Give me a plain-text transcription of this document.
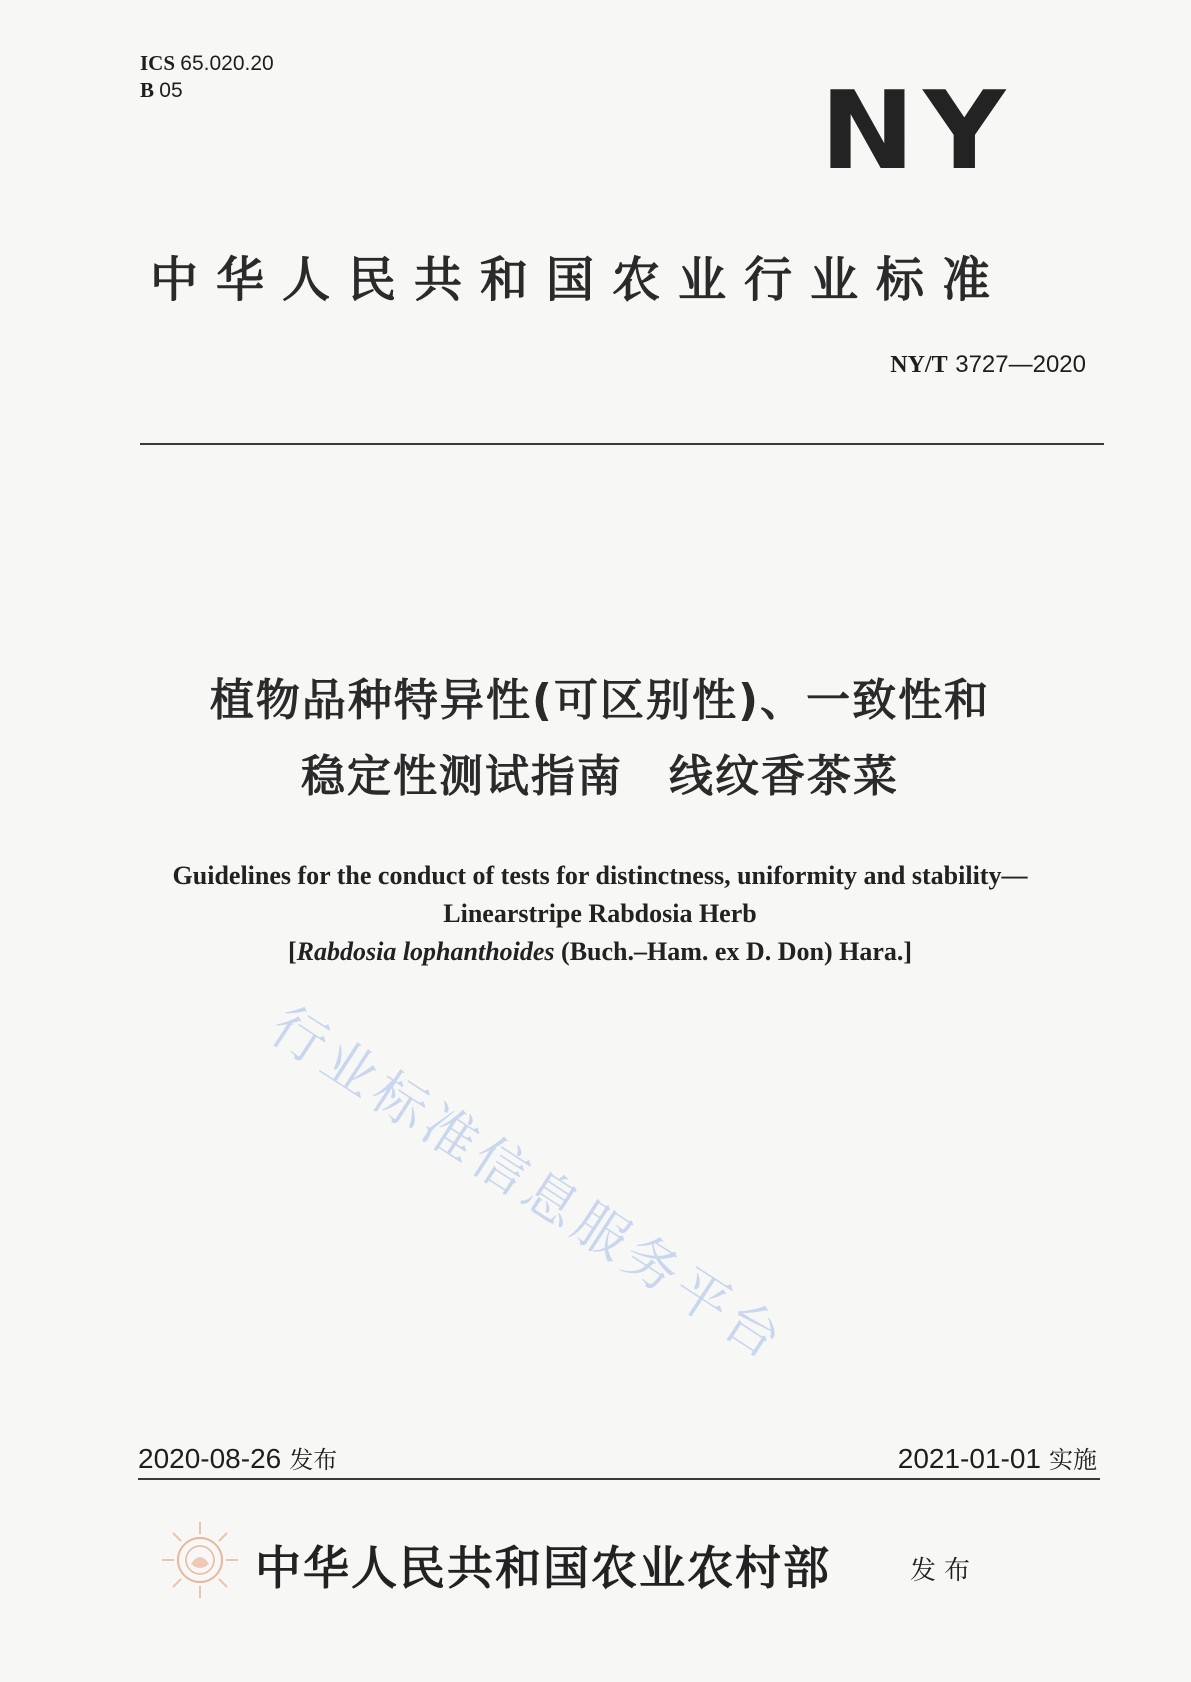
ICS 65.020.20
B 05	NY
中华人民共和国农业行业标准
NY/T 3727—2020
植物品种特异性(可区别性)、一致性和
稳定性测试指南　线纹香茶菜
Guidelines for the conduct of tests for distinctness, uniformity and stability—
Linearstripe Rabdosia Herb
[Rabdosia lophanthoides (Buch.–Ham. ex D. Don) Hara.]
行业标准信息服务平台
2020-08-26 发布	2021-01-01 实施
中华人民共和国农业农村部	发布
